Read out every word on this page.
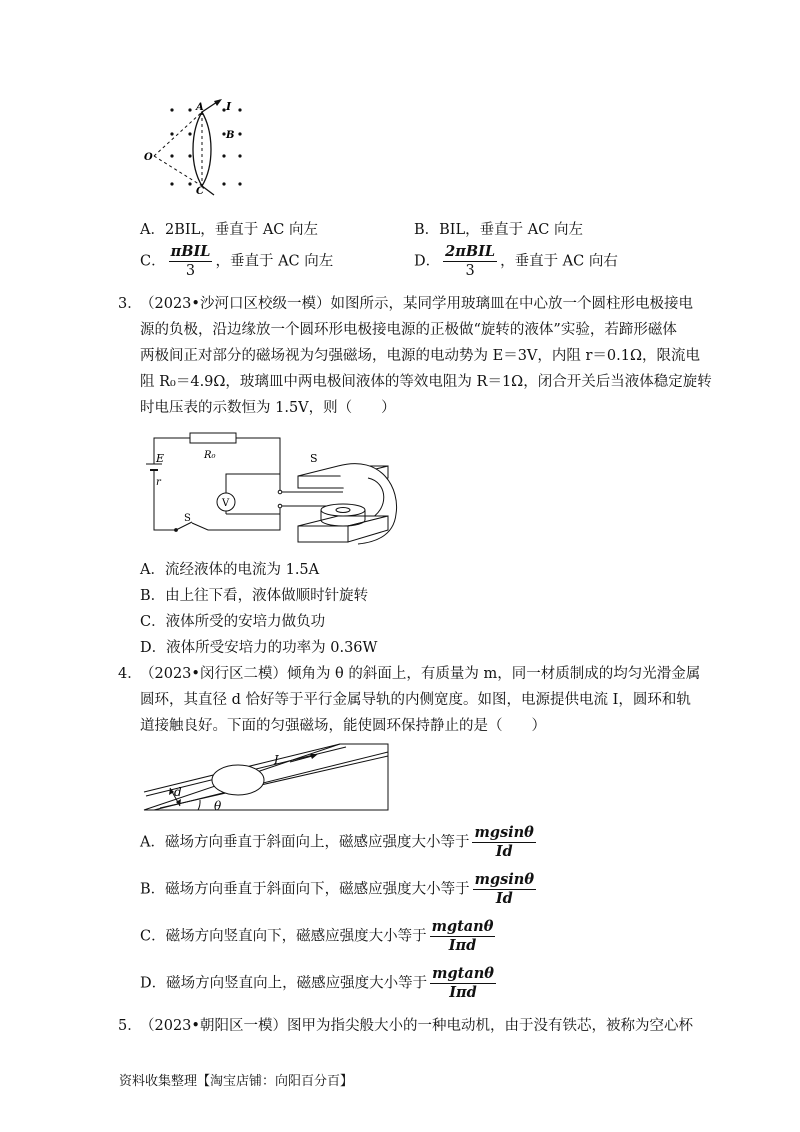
O
A
B
C
I
A．2BIL，垂直于 AC 向左	B．BIL，垂直于 AC 向左
C． $\frac{\text{πBIL}}{3}$ ，垂直于 AC 向左	D． $\frac{\text{2πBIL}}{3}$ ，垂直于 AC 向右
3．
（2023•沙河口区校级一模）如图所示，某同学用玻璃皿在中心放一个圆柱形电极接电
源的负极，沿边缘放一个圆环形电极接电源的正极做“旋转的液体”实验，若蹄形磁体
两极间正对部分的磁场视为匀强磁场，电源的电动势为 E＝3V，内阻 r＝0.1Ω，限流电
阻 R₀＝4.9Ω，玻璃皿中两电极间液体的等效电阻为 R＝1Ω，闭合开关后当液体稳定旋转
时电压表的示数恒为 1.5V，则（　　）
E
r
R₀
V
S
S
A．流经液体的电流为 1.5A
B．由上往下看，液体做顺时针旋转
C．液体所受的安培力做负功
D．液体所受安培力的功率为 0.36W
4．
（2023•闵行区二模）倾角为 θ 的斜面上，有质量为 m，同一材质制成的均匀光滑金属
圆环，其直径 d 恰好等于平行金属导轨的内侧宽度。如图，电源提供电流 I，圆环和轨
道接触良好。下面的匀强磁场，能使圆环保持静止的是（　　）
I
d
θ
A．磁场方向垂直于斜面向上，磁感应强度大小等于 $\frac{mgsin\theta}{Id}$
B．磁场方向垂直于斜面向下，磁感应强度大小等于 $\frac{mgsin\theta}{Id}$
C．磁场方向竖直向下，磁感应强度大小等于 $\frac{mgtan\theta}{\text{Iπd}}$
D．磁场方向竖直向上，磁感应强度大小等于 $\frac{mgtan\theta}{\text{Iπd}}$
5．
（2023•朝阳区一模）图甲为指尖般大小的一种电动机，由于没有铁芯，被称为空心杯
资料收集整理【淘宝店铺：向阳百分百】
